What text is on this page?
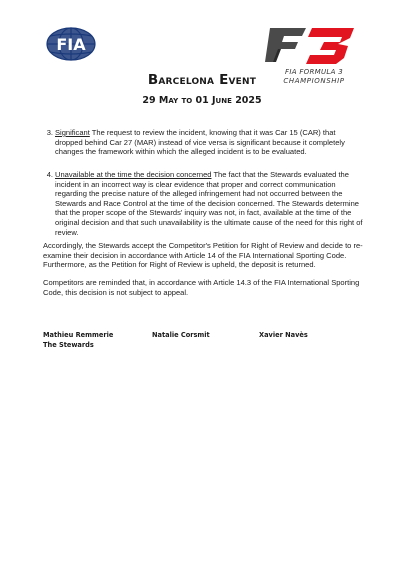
FIA
FIA FORMULA 3
CHAMPIONSHIP
Barcelona Event
29 May to 01 June 2025
3. Significant The request to review the incident, knowing that it was Car 15 (CAR) that dropped behind Car 27 (MAR) instead of vice versa is significant because it completely changes the framework within which the alleged incident is to be evaluated.
4. Unavailable at the time the decision concerned The fact that the Stewards evaluated the incident in an incorrect way is clear evidence that proper and correct communication regarding the precise nature of the alleged infringement had not occurred between the Stewards and Race Control at the time of the decision concerned. The Stewards determine that the proper scope of the Stewards' inquiry was not, in fact, available at the time of the original decision and that such unavailability is the ultimate cause of the need for this right of review.
Accordingly, the Stewards accept the Competitor's Petition for Right of Review and decide to re-examine their decision in accordance with Article 14 of the FIA International Sporting Code. Furthermore, as the Petition for Right of Review is upheld, the deposit is returned.
Competitors are reminded that, in accordance with Article 14.3 of the FIA International Sporting Code, this decision is not subject to appeal.
Mathieu Remmerie
The Stewards
Natalie Corsmit	Xavier Navès
